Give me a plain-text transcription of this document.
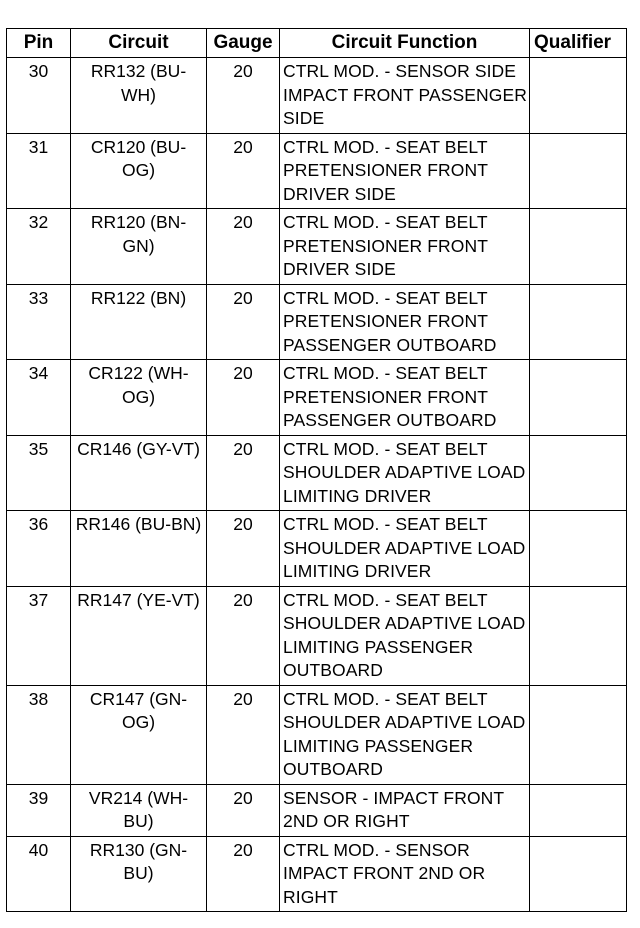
Pin	Circuit	Gauge	Circuit Function	Qualifier
30	RR132 (BU-WH)	20	CTRL MOD. - SENSOR SIDE IMPACT FRONT PASSENGER SIDE	
31	CR120 (BU-OG)	20	CTRL MOD. - SEAT BELT PRETENSIONER FRONT DRIVER SIDE	
32	RR120 (BN-GN)	20	CTRL MOD. - SEAT BELT PRETENSIONER FRONT DRIVER SIDE	
33	RR122 (BN)	20	CTRL MOD. - SEAT BELT PRETENSIONER FRONT PASSENGER OUTBOARD	
34	CR122 (WH-OG)	20	CTRL MOD. - SEAT BELT PRETENSIONER FRONT PASSENGER OUTBOARD	
35	CR146 (GY-VT)	20	CTRL MOD. - SEAT BELT SHOULDER ADAPTIVE LOAD LIMITING DRIVER	
36	RR146 (BU-BN)	20	CTRL MOD. - SEAT BELT SHOULDER ADAPTIVE LOAD LIMITING DRIVER	
37	RR147 (YE-VT)	20	CTRL MOD. - SEAT BELT SHOULDER ADAPTIVE LOAD LIMITING PASSENGER OUTBOARD	
38	CR147 (GN-OG)	20	CTRL MOD. - SEAT BELT SHOULDER ADAPTIVE LOAD LIMITING PASSENGER OUTBOARD	
39	VR214 (WH-BU)	20	SENSOR - IMPACT FRONT 2ND OR RIGHT	
40	RR130 (GN-BU)	20	CTRL MOD. - SENSOR IMPACT FRONT 2ND OR RIGHT	
